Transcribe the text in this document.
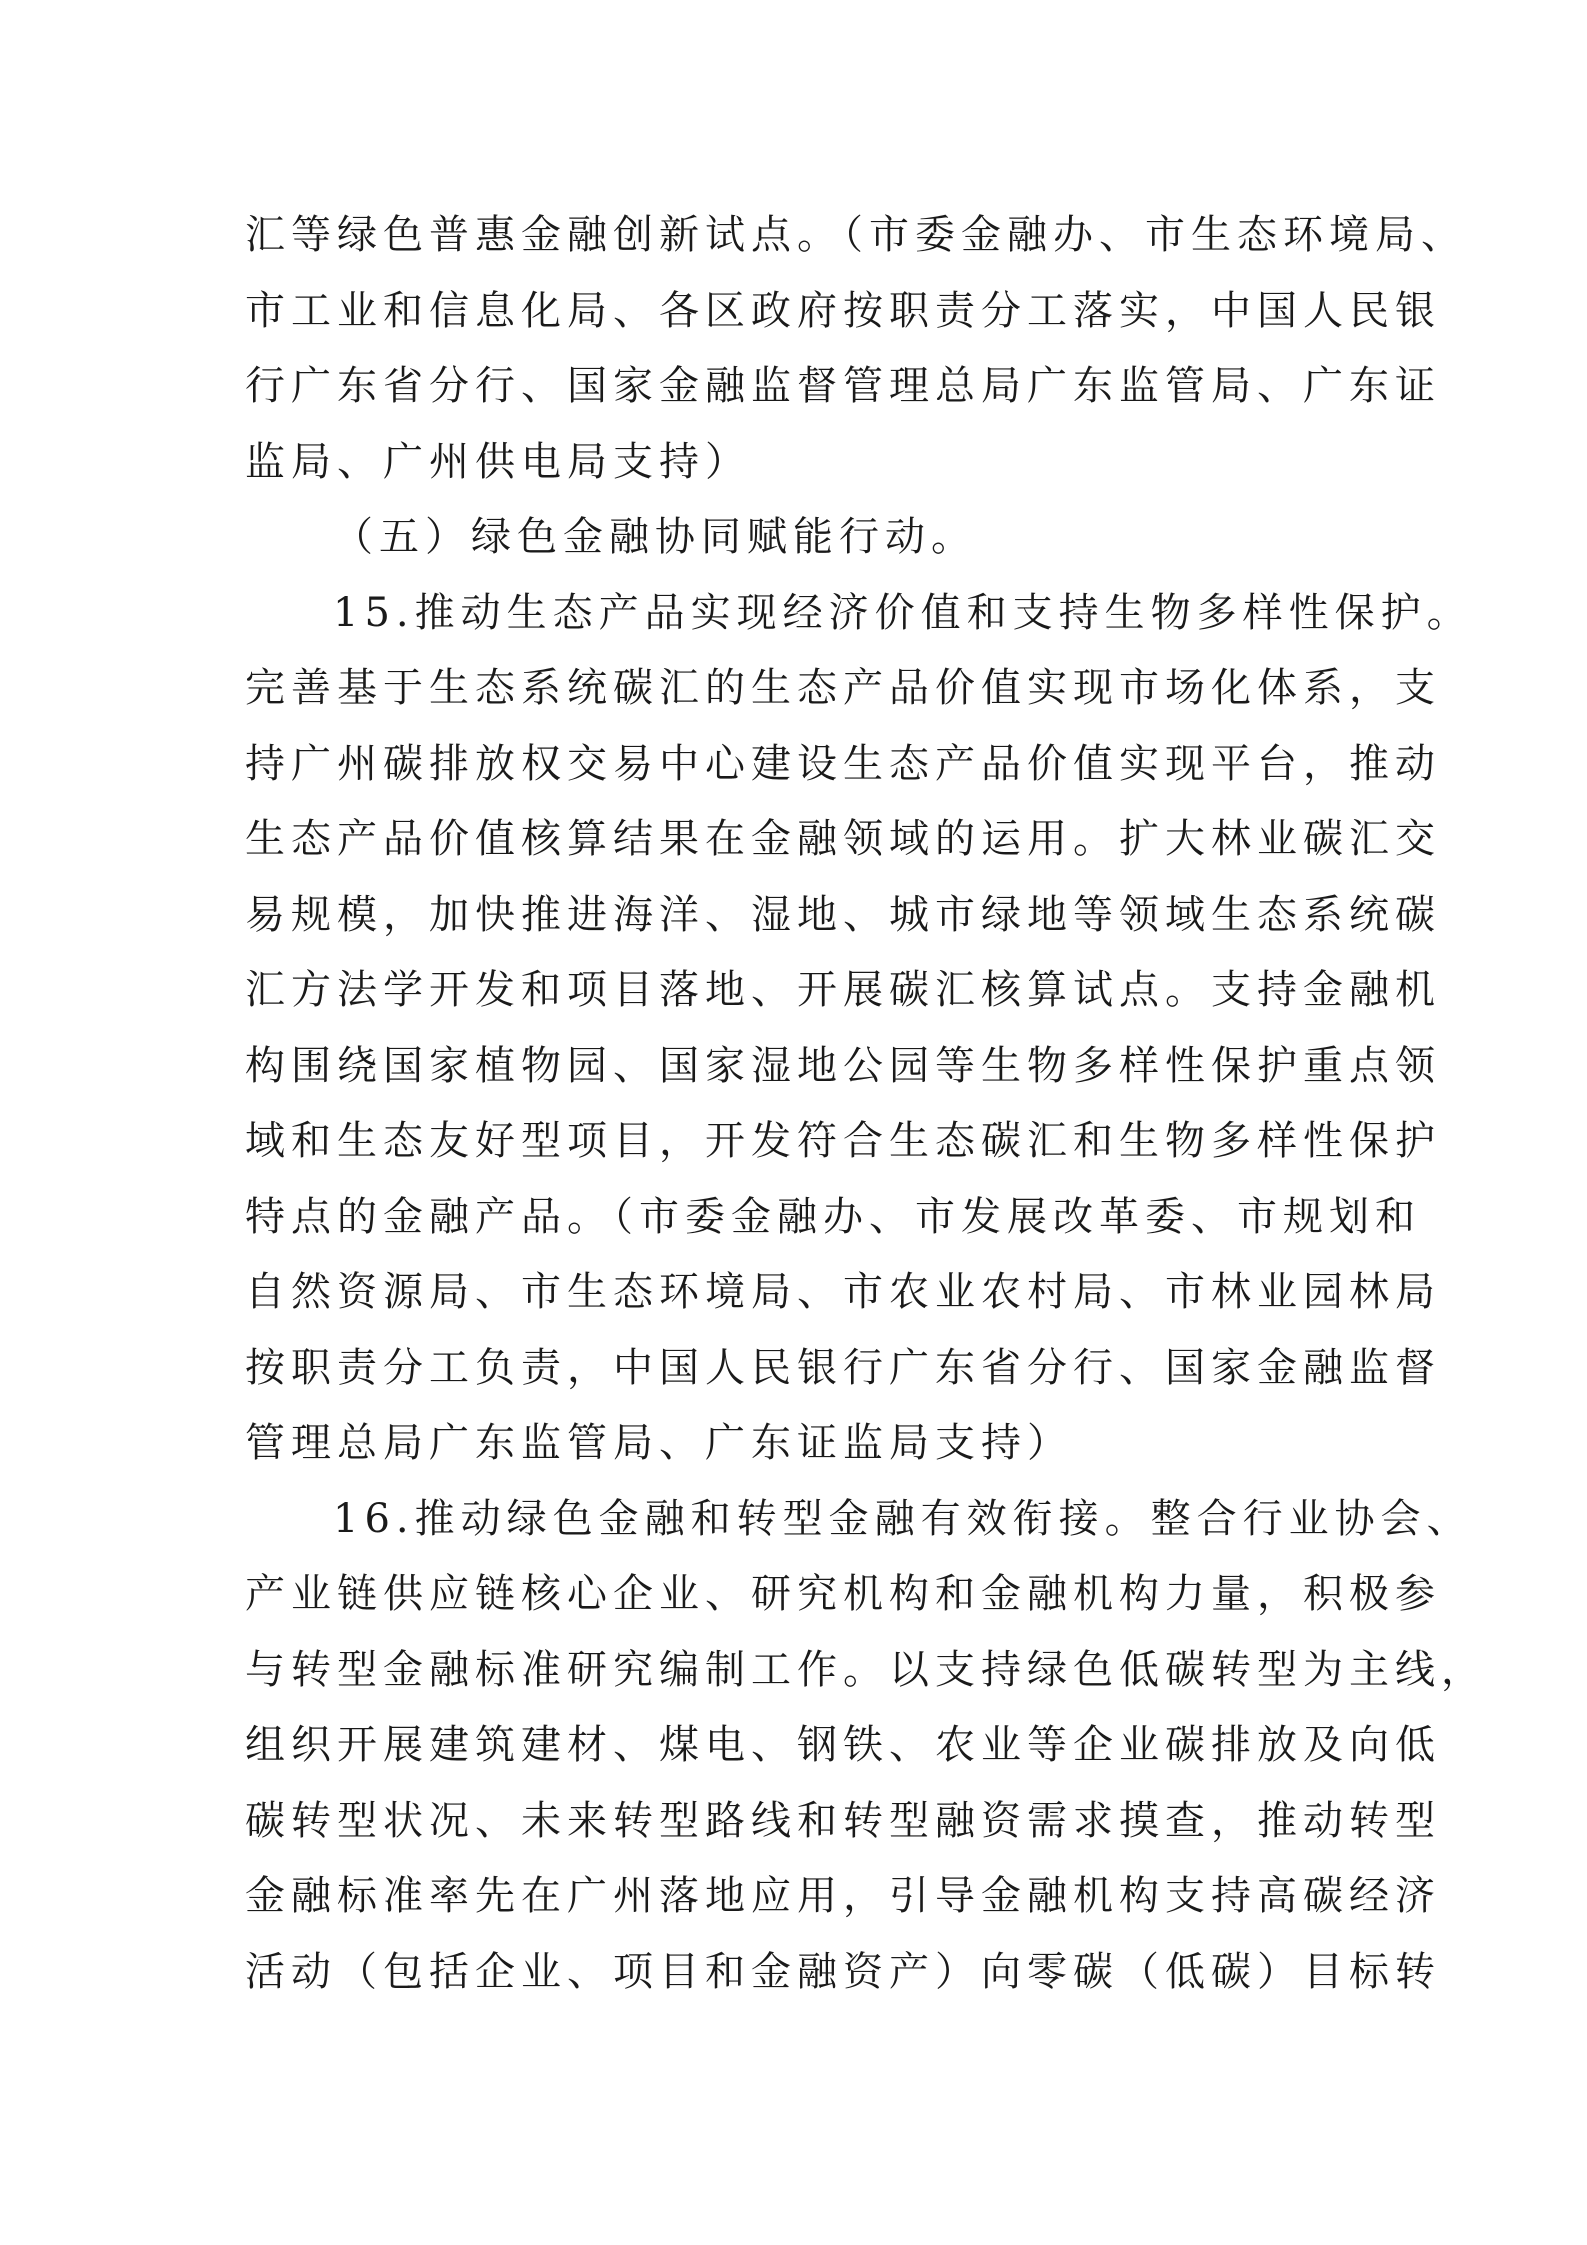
汇等绿色普惠金融创新试点。（市委金融办、市生态环境局、
市工业和信息化局、各区政府按职责分工落实，中国人民银
行广东省分行、国家金融监督管理总局广东监管局、广东证
监局、广州供电局支持）
（五）绿色金融协同赋能行动。
15.推动生态产品实现经济价值和支持生物多样性保护。
完善基于生态系统碳汇的生态产品价值实现市场化体系，支
持广州碳排放权交易中心建设生态产品价值实现平台，推动
生态产品价值核算结果在金融领域的运用。扩大林业碳汇交
易规模，加快推进海洋、湿地、城市绿地等领域生态系统碳
汇方法学开发和项目落地、开展碳汇核算试点。支持金融机
构围绕国家植物园、国家湿地公园等生物多样性保护重点领
域和生态友好型项目，开发符合生态碳汇和生物多样性保护
特点的金融产品。（市委金融办、市发展改革委、市规划和
自然资源局、市生态环境局、市农业农村局、市林业园林局
按职责分工负责，中国人民银行广东省分行、国家金融监督
管理总局广东监管局、广东证监局支持）
16.推动绿色金融和转型金融有效衔接。整合行业协会、
产业链供应链核心企业、研究机构和金融机构力量，积极参
与转型金融标准研究编制工作。以支持绿色低碳转型为主线，
组织开展建筑建材、煤电、钢铁、农业等企业碳排放及向低
碳转型状况、未来转型路线和转型融资需求摸查，推动转型
金融标准率先在广州落地应用，引导金融机构支持高碳经济
活动（包括企业、项目和金融资产）向零碳（低碳）目标转
